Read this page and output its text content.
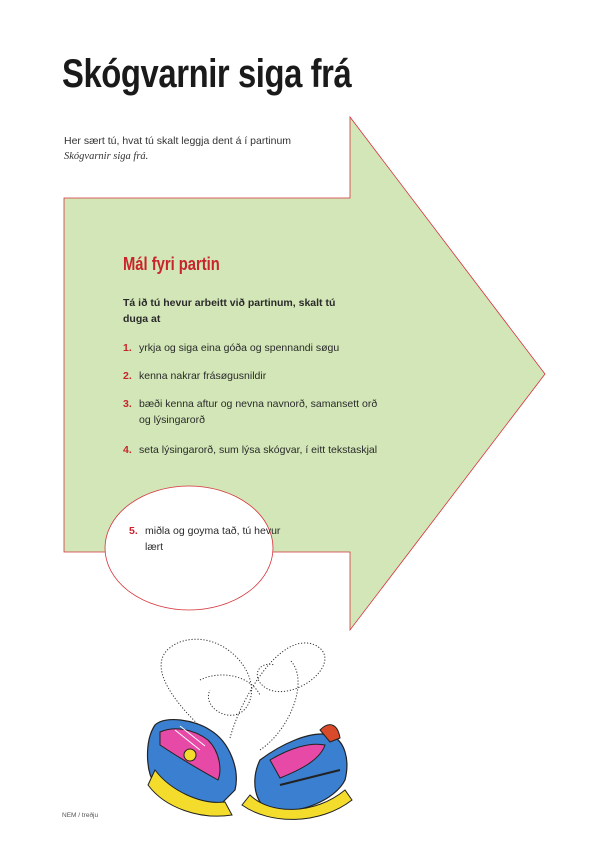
Skógvarnir siga frá
Her sært tú, hvat tú skalt leggja dent á í partinum
Skógvarnir siga frá.
Mál fyri partin
Tá ið tú hevur arbeitt við partinum, skalt tú duga at
1. yrkja og siga eina góða og spennandi søgu
2. kenna nakrar frásøgusnildir
3. bæði kenna aftur og nevna navnorð, samansett orð og lýsingarorð
4. seta lýsingarorð, sum lýsa skógvar, í eitt tekstaskjal
5. miðla og goyma tað, tú hevur lært
NEM / treðju
